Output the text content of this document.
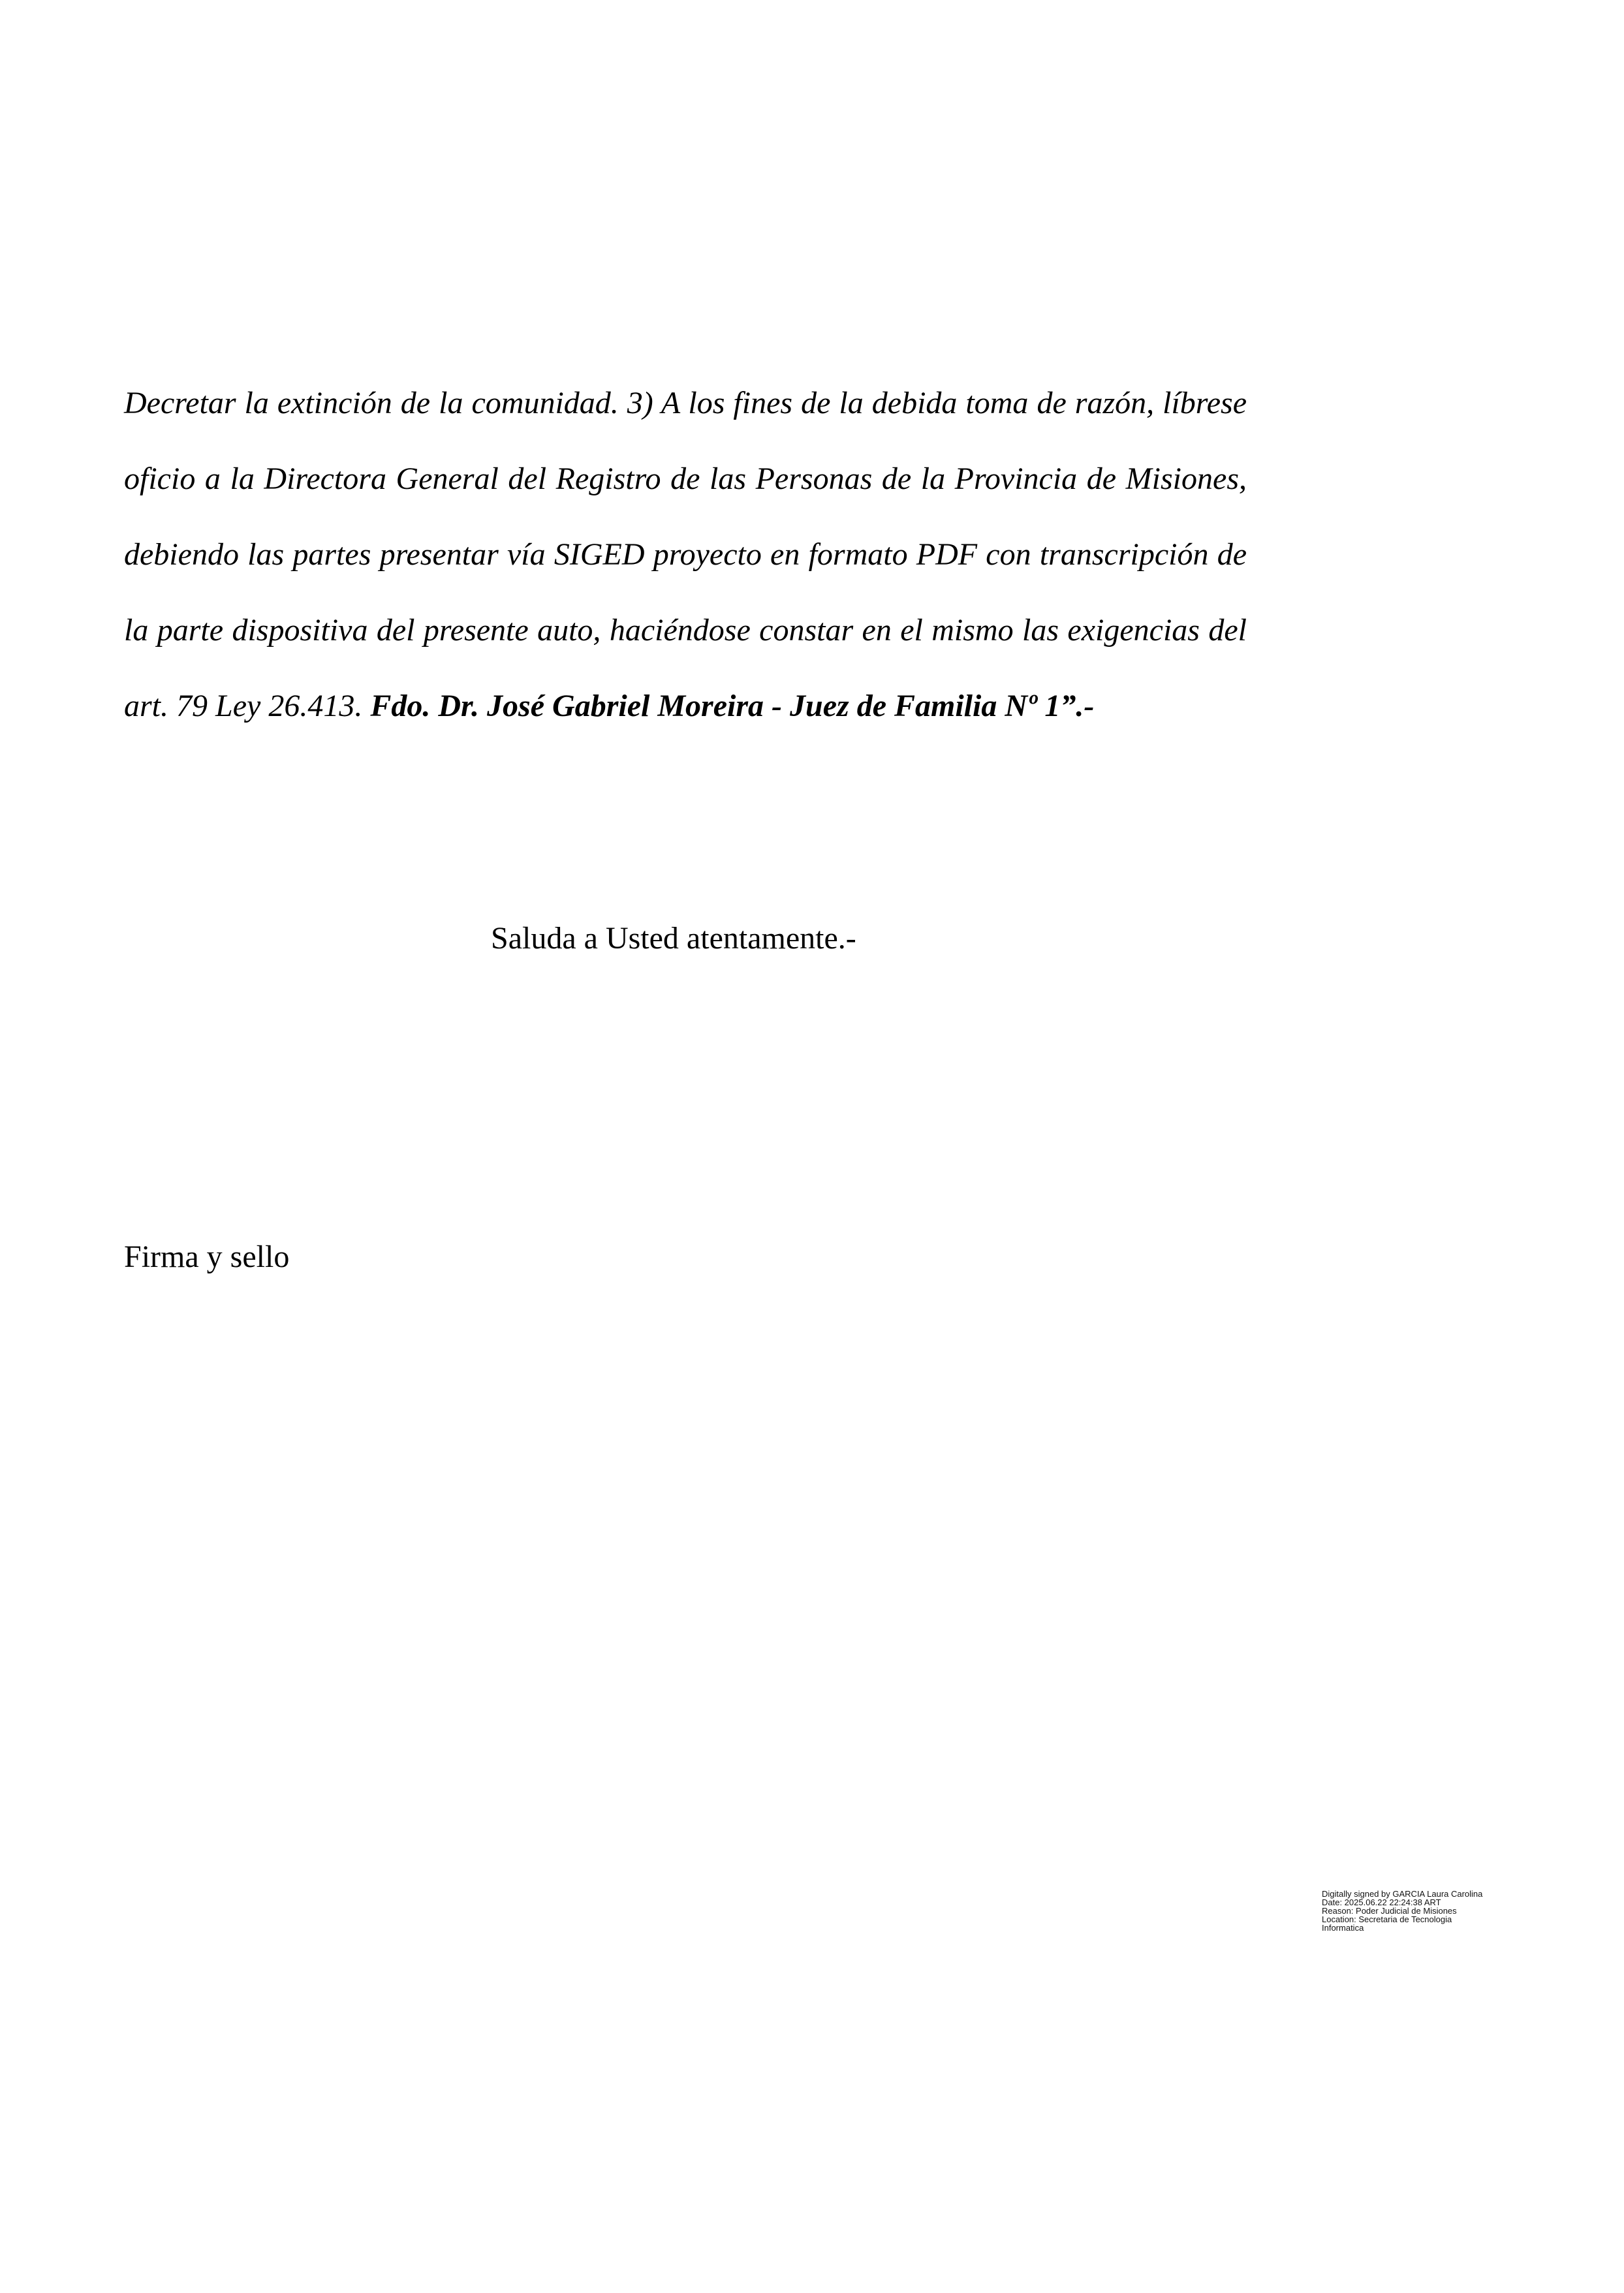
Decretar la extinción de la comunidad. 3) A los fines de la debida toma de razón, líbrese oficio a la Directora General del Registro de las Personas de la Provincia de Misiones, debiendo las partes presentar vía SIGED proyecto en formato PDF con transcripción de la parte dispositiva del presente auto, haciéndose constar en el mismo las exigencias del art. 79 Ley 26.413. Fdo. Dr. José Gabriel Moreira - Juez de Familia Nº 1”.-

Saluda a Usted atentamente.-

Firma y sello

Digitally signed by GARCIA Laura Carolina
Date: 2025.06.22 22:24:38 ART
Reason: Poder Judicial de Misiones
Location: Secretaria de Tecnologia
Informatica
